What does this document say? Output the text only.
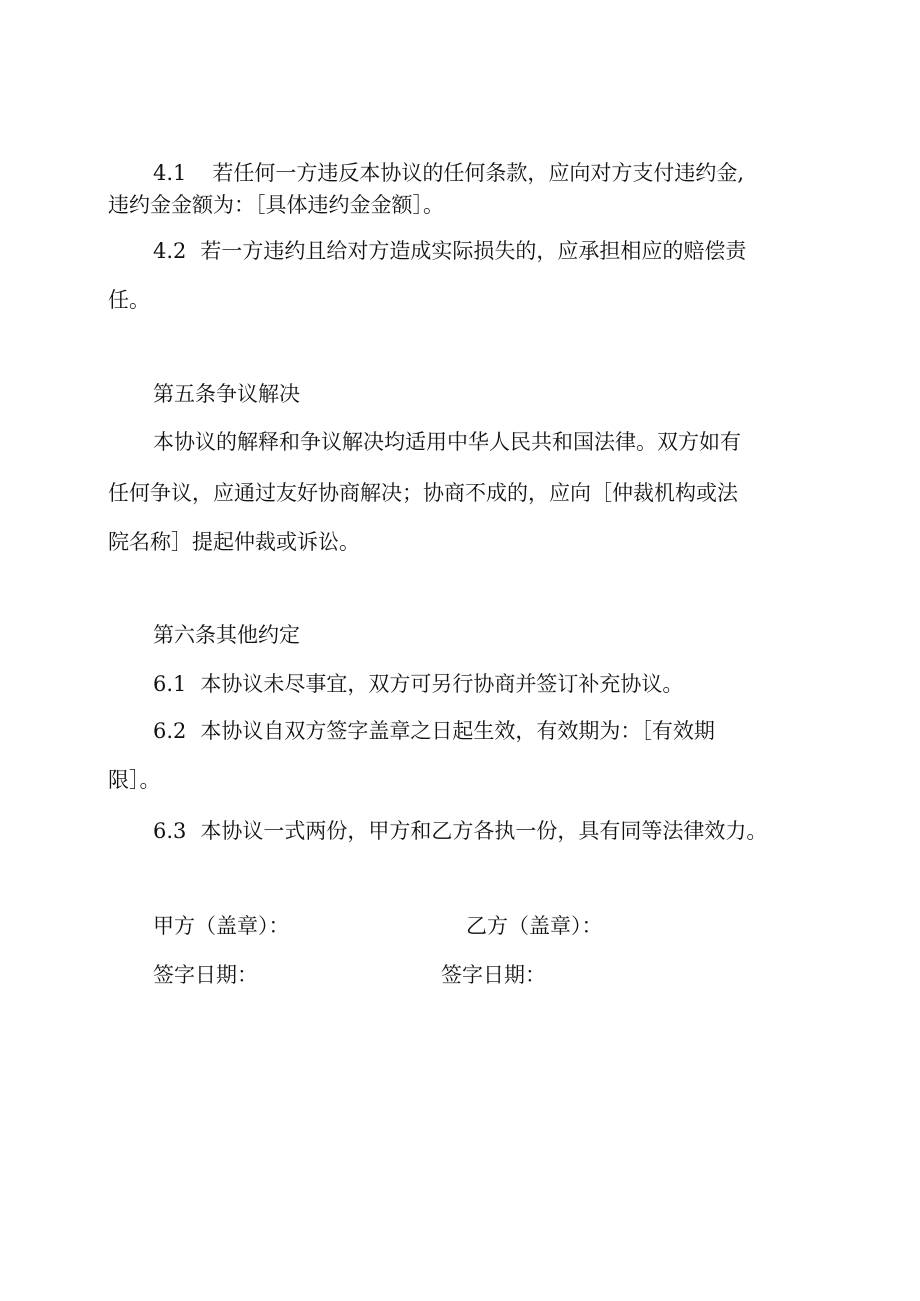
4.1 若任何一方违反本协议的任何条款，应向对方支付违约金,
违约金金额为：［具体违约金金额］。
4.2 若一方违约且给对方造成实际损失的，应承担相应的赔偿责
任。
第五条争议解决
本协议的解释和争议解决均适用中华人民共和国法律。双方如有
任何争议，应通过友好协商解决；协商不成的，应向［仲裁机构或法
院名称］提起仲裁或诉讼。
第六条其他约定
6.1 本协议未尽事宜，双方可另行协商并签订补充协议。
6.2 本协议自双方签字盖章之日起生效，有效期为：［有效期
限］。
6.3 本协议一式两份，甲方和乙方各执一份，具有同等法律效力。
甲方（盖章）：	乙方（盖章）：
签字日期：	签字日期：
